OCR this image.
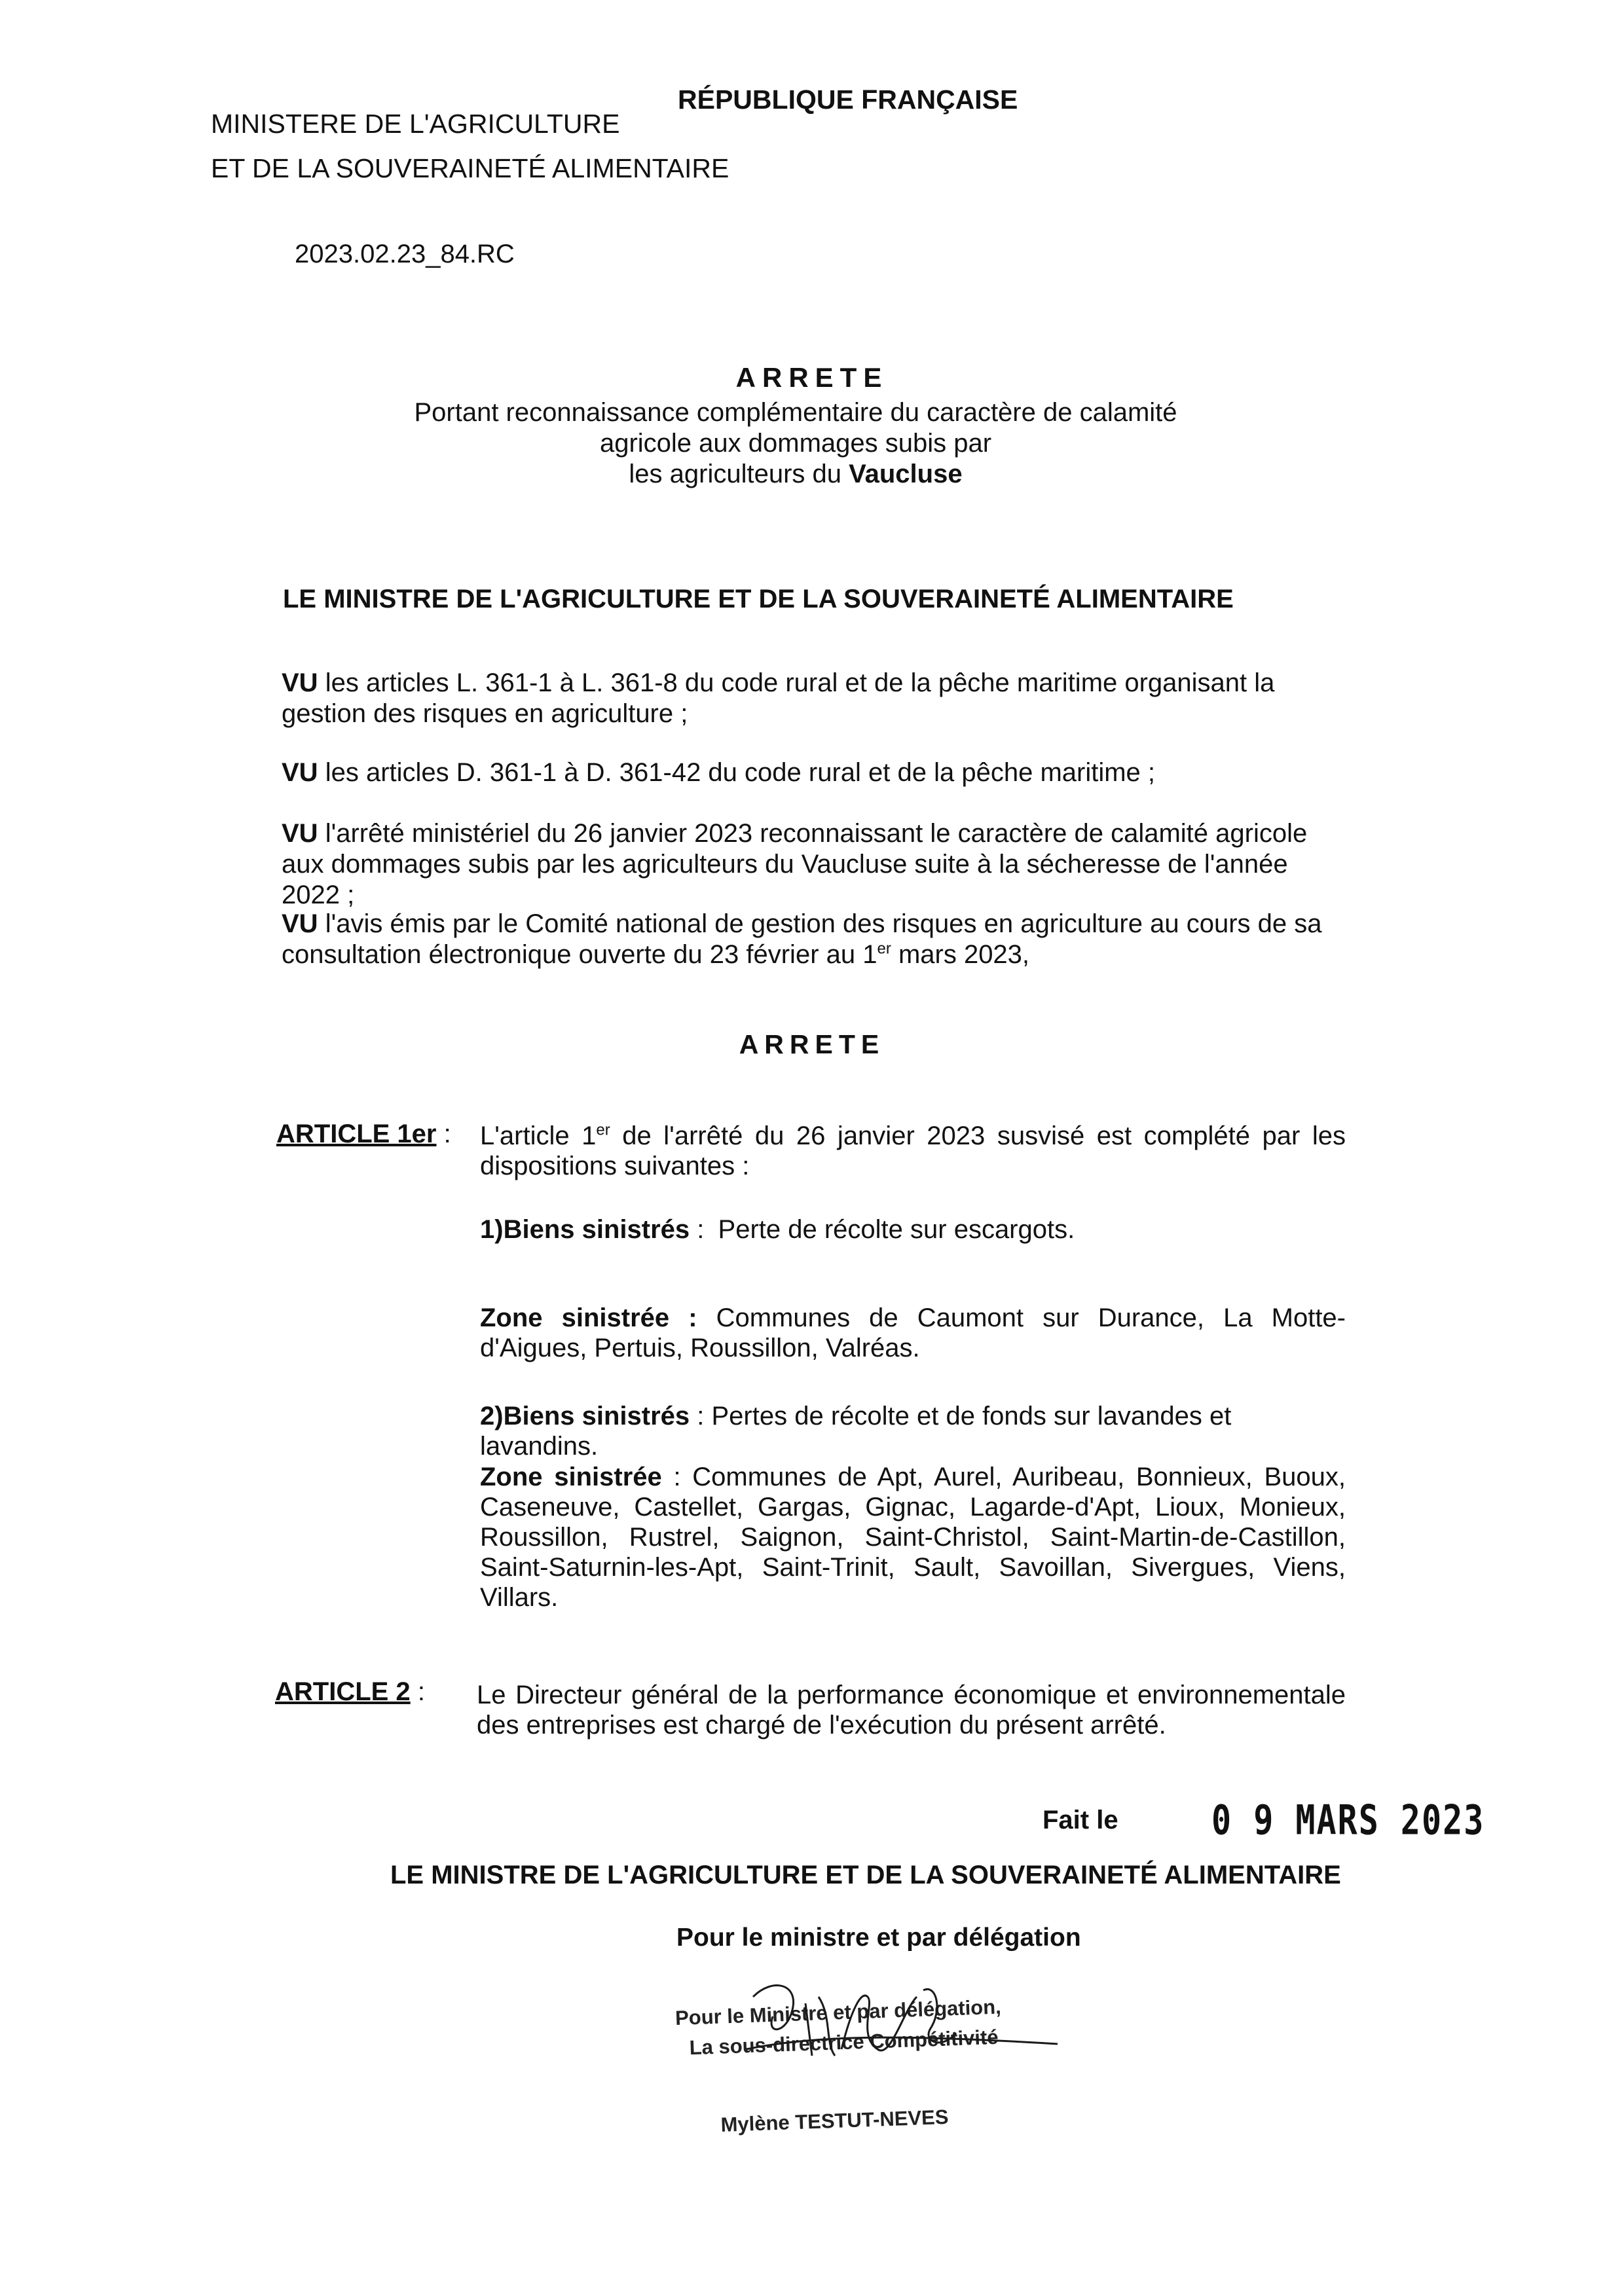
RÉPUBLIQUE FRANÇAISE
MINISTERE DE L'AGRICULTURE
ET DE LA SOUVERAINETÉ ALIMENTAIRE
2023.02.23_84.RC
ARRETE
Portant reconnaissance complémentaire du caractère de calamité
agricole aux dommages subis par
les agriculteurs du Vaucluse
LE MINISTRE DE L'AGRICULTURE ET DE LA SOUVERAINETÉ ALIMENTAIRE
VU les articles L. 361-1 à L. 361-8 du code rural et de la pêche maritime organisant la gestion des risques en agriculture ;
VU les articles D. 361-1 à D. 361-42 du code rural et de la pêche maritime ;
VU l'arrêté ministériel du 26 janvier 2023 reconnaissant le caractère de calamité agricole aux dommages subis par les agriculteurs du Vaucluse suite à la sécheresse de l'année 2022 ;
VU l'avis émis par le Comité national de gestion des risques en agriculture au cours de sa consultation électronique ouverte du 23 février au 1er mars 2023,
ARRETE
ARTICLE 1er : L'article 1er de l'arrêté du 26 janvier 2023 susvisé est complété par les dispositions suivantes :
1)Biens sinistrés : Perte de récolte sur escargots.
Zone sinistrée : Communes de Caumont sur Durance, La Motte-d'Aigues, Pertuis, Roussillon, Valréas.
2)Biens sinistrés : Pertes de récolte et de fonds sur lavandes et lavandins.
Zone sinistrée : Communes de Apt, Aurel, Auribeau, Bonnieux, Buoux, Caseneuve, Castellet, Gargas, Gignac, Lagarde-d'Apt, Lioux, Monieux, Roussillon, Rustrel, Saignon, Saint-Christol, Saint-Martin-de-Castillon, Saint-Saturnin-les-Apt, Saint-Trinit, Sault, Savoillan, Sivergues, Viens, Villars.
ARTICLE 2 : Le Directeur général de la performance économique et environnementale des entreprises est chargé de l'exécution du présent arrêté.
Fait le	0 9 MARS 2023
LE MINISTRE DE L'AGRICULTURE ET DE LA SOUVERAINETÉ ALIMENTAIRE
Pour le ministre et par délégation
Pour le Ministre et par délégation,
La sous-directrice Compétitivité
Mylène TESTUT-NEVES
